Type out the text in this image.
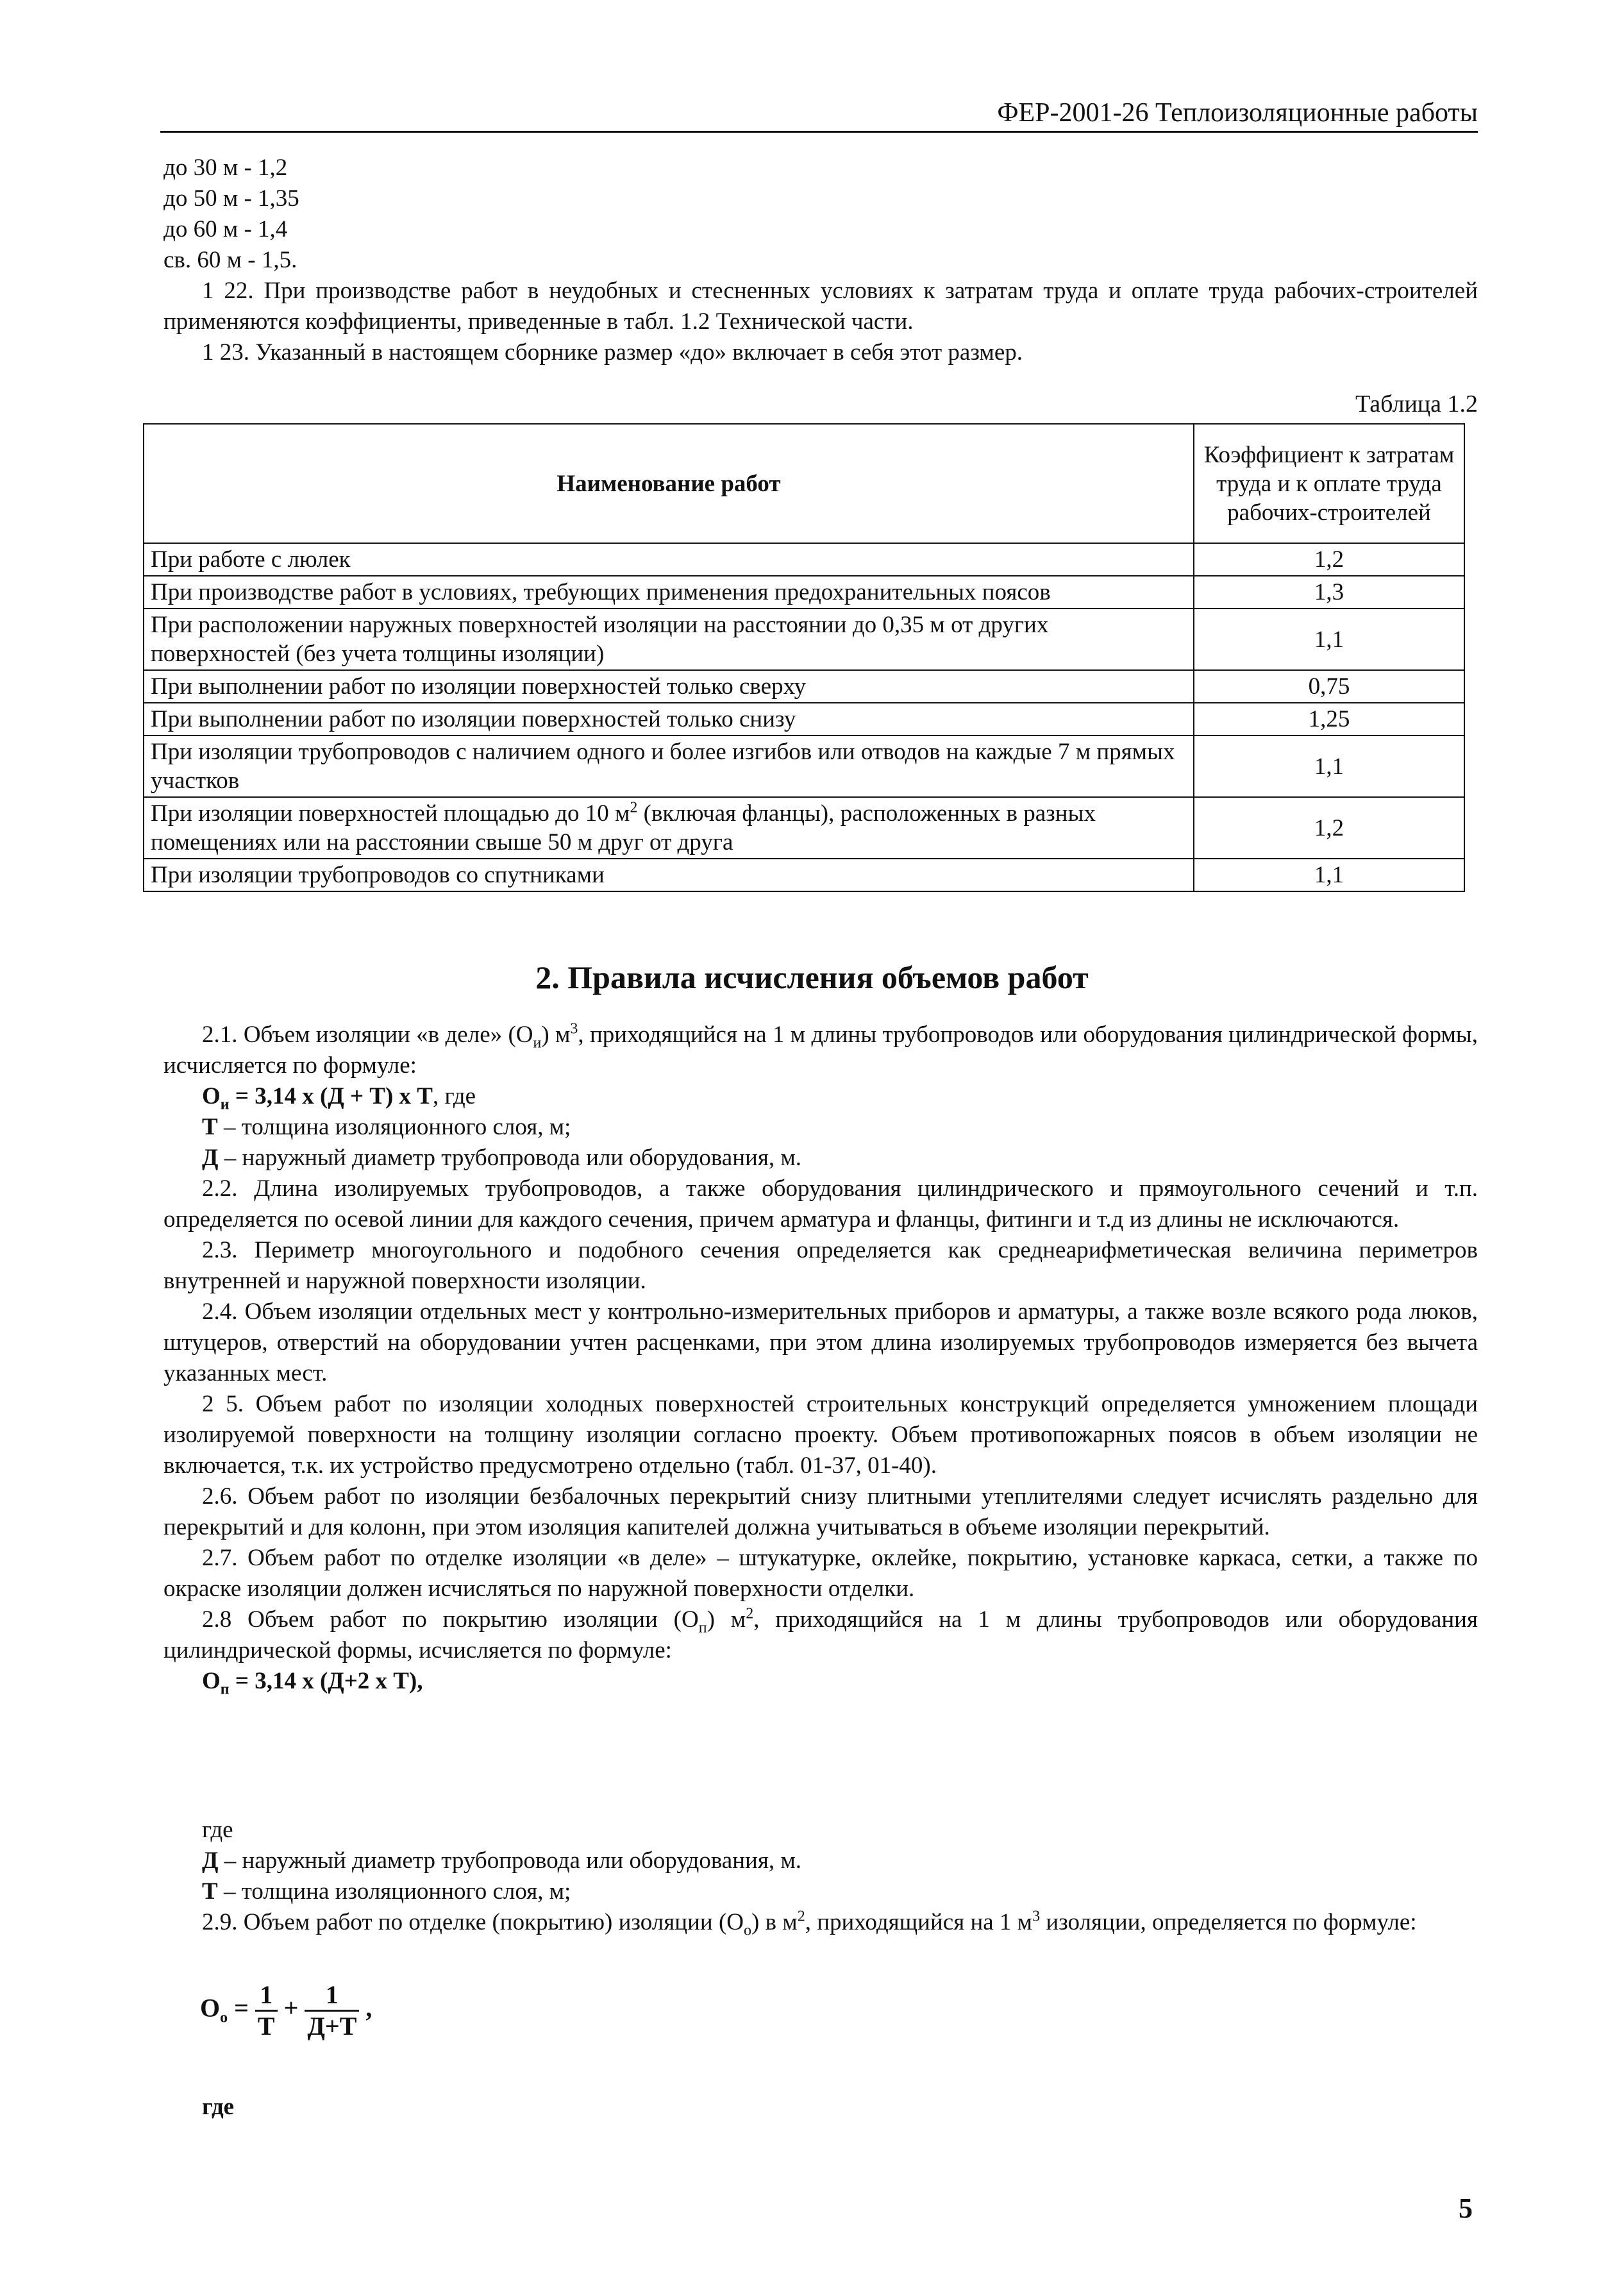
ФЕР-2001-26 Теплоизоляционные работы

до 30 м - 1,2

до 50 м - 1,35

до 60 м - 1,4

св. 60 м - 1,5.

1 22. При производстве работ в неудобных и стесненных условиях к затратам труда и оплате труда рабочих-строителей применяются коэффициенты, приведенные в табл. 1.2 Технической части.

1 23. Указанный в настоящем сборнике размер «до» включает в себя этот размер.

Таблица 1.2
Наименование работ	Коэффициент к затратам труда и к оплате труда рабочих-строителей
При работе с люлек	1,2
При производстве работ в условиях, требующих применения предохранительных поясов	1,3
При расположении наружных поверхностей изоляции на расстоянии до 0,35 м от других поверхностей (без учета толщины изоляции)	1,1
При выполнении работ по изоляции поверхностей только сверху	0,75
При выполнении работ по изоляции поверхностей только снизу	1,25
При изоляции трубопроводов с наличием одного и более изгибов или отводов на каждые 7 м прямых участков	1,1
При изоляции поверхностей площадью до 10 $м^2$ (включая фланцы), расположенных в разных помещениях или на расстоянии свыше 50 м друг от друга	1,2
При изоляции трубопроводов со спутниками	1,1
2. Правила исчисления объемов работ

2.1. Объем изоляции «в деле» $(О_и)$ $м^3$, приходящийся на 1 м длины трубопроводов или оборудования цилиндрической формы, исчисляется по формуле:

$О_и = 3,14$ х (Д + Т) х Т, где

Т – толщина изоляционного слоя, м;

Д – наружный диаметр трубопровода или оборудования, м.

2.2. Длина изолируемых трубопроводов, а также оборудования цилиндрического и прямоугольного сечений и т.п. определяется по осевой линии для каждого сечения, причем арматура и фланцы, фитинги и т.д из длины не исключаются.

2.3. Периметр многоугольного и подобного сечения определяется как среднеарифметическая величина периметров внутренней и наружной поверхности изоляции.

2.4. Объем изоляции отдельных мест у контрольно-измерительных приборов и арматуры, а также возле всякого рода люков, штуцеров, отверстий на оборудовании учтен расценками, при этом длина изолируемых трубопроводов измеряется без вычета указанных мест.

2 5. Объем работ по изоляции холодных поверхностей строительных конструкций определяется умножением площади изолируемой поверхности на толщину изоляции согласно проекту. Объем противопожарных поясов в объем изоляции не включается, т.к. их устройство предусмотрено отдельно (табл. 01-37, 01-40).

2.6. Объем работ по изоляции безбалочных перекрытий снизу плитными утеплителями следует исчислять раздельно для перекрытий и для колонн, при этом изоляция капителей должна учитываться в объеме изоляции перекрытий.

2.7. Объем работ по отделке изоляции «в деле» – штукатурке, оклейке, покрытию, установке каркаса, сетки, а также по окраске изоляции должен исчисляться по наружной поверхности отделки.

2.8 Объем работ по покрытию изоляции $(О_п)$ $м^2$, приходящийся на 1 м длины трубопроводов или оборудования цилиндрической формы, исчисляется по формуле:

$О_п = 3,14$ х (Д+2 х Т),

где

Д – наружный диаметр трубопровода или оборудования, м.

Т – толщина изоляционного слоя, м;

2.9. Объем работ по отделке (покрытию) изоляции $(О_о)$ в $м^2$, приходящийся на 1 $м^3$ изоляции, определяется по формуле:

$О_о = 1$
Т
+ 1
Д+Т
,

где

5
